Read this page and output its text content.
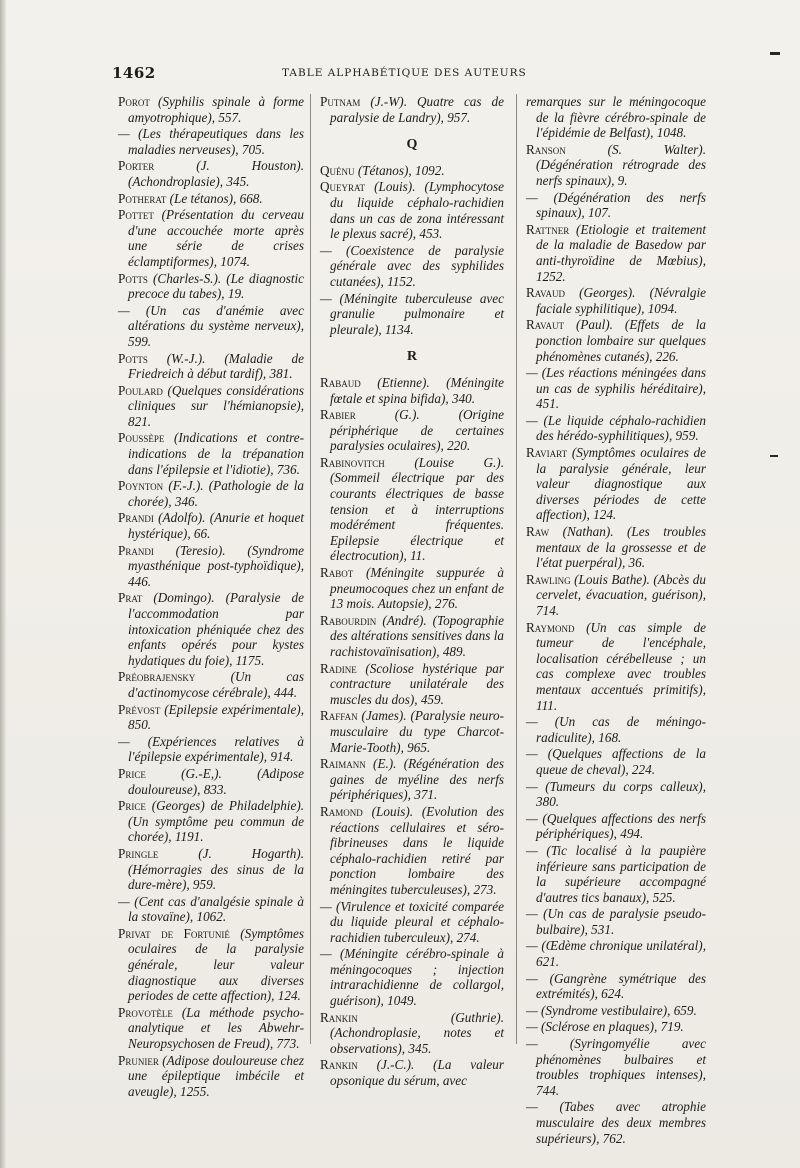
1462	TABLE ALPHABÉTIQUE DES AUTEURS
Porot (Syphilis spinale à forme amyotrophique), 557.
— (Les thérapeutiques dans les maladies nerveuses), 705.
Porter	(J. Houston). (Achondroplasie), 345.
Potherat (Le tétanos), 668.
Pottet (Présentation du cerveau d'une accouchée morte après une série de crises éclamptiformes), 1074.
Potts (Charles-S.). (Le diagnostic precoce du tabes), 19.
— (Un cas d'anémie avec altérations du système nerveux), 599.
Potts (W.-J.). (Maladie de Friedreich à début tardif), 381.
Poulard (Quelques considérations cliniques sur l'hémianopsie), 821.
Poussèpe (Indications et contre-indications de la trépanation dans l'épilepsie et l'idiotie), 736.
Poynton (F.-J.). (Pathologie de la chorée), 346.
Prandi (Adolfo). (Anurie et hoquet hystérique), 66.
Prandi (Teresio). (Syndrome myasthénique post-typhoïdique), 446.
Prat (Domingo). (Paralysie de l'accommodation par intoxication phéniquée chez des enfants opérés pour kystes hydatiques du foie), 1175.
Préobrajensky	(Un cas d'actinomycose cérébrale), 444.
Prévost (Epilepsie expérimentale), 850.
— (Expériences relatives à l'épilepsie expérimentale), 914.
Price	(G.-E,). (Adipose douloureuse), 833.
Price (Georges) de Philadelphie). (Un symptôme peu commun de chorée), 1191.
Pringle	(J. Hogarth). (Hémorragies des sinus de la dure-mère), 959.
— (Cent cas d'analgésie spinale à la stovaïne), 1062.
Privat de Fortunié (Symptômes oculaires de la paralysie générale, leur valeur diagnostique aux diverses periodes de cette affection), 124.
Provotèle (La méthode psycho-analytique et les Abwehr-Neuropsychosen de Freud), 773.
Prunier (Adipose douloureuse chez une épileptique imbécile et aveugle), 1255.
Putnam (J.-W). Quatre cas de paralysie de Landry), 957.
Q
Quénu (Tétanos), 1092.
Queyrat (Louis). (Lymphocytose du liquide céphalo-rachidien dans un cas de zona intéressant le plexus sacré), 453.
— (Coexistence de paralysie générale avec des syphilides cutanées), 1152.
— (Méningite tuberculeuse avec granulie pulmonaire et pleurale), 1134.
R
Rabaud (Etienne). (Méningite fœtale et spina bifida), 340.
Rabier	(G.). (Origine périphérique de certaines paralysies oculaires), 220.
Rabinovitch (Louise G.). (Sommeil électrique par des courants électriques de basse tension et à interruptions modérément fréquentes. Epilepsie électrique et électrocution), 11.
Rabot (Méningite suppurée à pneumocoques chez un enfant de 13 mois. Autopsie), 276.
Rabourdin (André). (Topographie des altérations sensitives dans la rachistovaïnisation), 489.
Radine (Scoliose hystérique par contracture unilatérale des muscles du dos), 459.
Raffan (James). (Paralysie neuro-musculaire du type Charcot-Marie-Tooth), 965.
Raimann (E.). (Régénération des gaines de myéline des nerfs périphériques), 371.
Ramond (Louis). (Evolution des réactions cellulaires et séro-fibrineuses dans le liquide céphalo-rachidien retiré par ponction lombaire des méningites tuberculeuses), 273.
— (Virulence et toxicité comparée du liquide pleural et céphalo-rachidien tuberculeux), 274.
— (Méningite cérébro-spinale à méningocoques ; injection intrarachidienne de collargol, guérison), 1049.
Rankin	(Guthrie). (Achondroplasie, notes et observations), 345.
Rankin (J.-C.). (La valeur opsonique du sérum, avec
remarques sur le méningocoque de la fièvre cérébro-spinale de l'épidémie de Belfast), 1048.
Ranson	(S. Walter). (Dégénération rétrograde des nerfs spinaux), 9.
— (Dégénération des nerfs spinaux), 107.
Rattner (Etiologie et traitement de la maladie de Basedow par anti-thyroïdine de Mœbius), 1252.
Ravaud (Georges). (Névralgie faciale syphilitique), 1094.
Ravaut (Paul). (Effets de la ponction lombaire sur quelques phénomènes cutanés), 226.
— (Les réactions méningées dans un cas de syphilis héréditaire), 451.
— (Le liquide céphalo-rachidien des hérédo-syphilitiques), 959.
Raviart (Symptômes oculaires de la paralysie générale, leur valeur diagnostique aux diverses périodes de cette affection), 124.
Raw (Nathan). (Les troubles mentaux de la grossesse et de l'état puerpéral), 36.
Rawling (Louis Bathe). (Abcès du cervelet, évacuation, guérison), 714.
Raymond (Un cas simple de tumeur de l'encéphale, localisation cérébelleuse ; un cas complexe avec troubles mentaux accentués primitifs), 111.
— (Un cas de méningo-radiculite), 168.
— (Quelques affections de la queue de cheval), 224.
— (Tumeurs du corps calleux), 380.
— (Quelques affections des nerfs périphériques), 494.
— (Tic localisé à la paupière inférieure sans participation de la supérieure accompagné d'autres tics banaux), 525.
— (Un cas de paralysie pseudo-bulbaire), 531.
— (Œdème chronique unilatéral), 621.
— (Gangrène symétrique des extrémités), 624.
— (Syndrome vestibulaire), 659.
— (Sclérose en plaques), 719.
— (Syringomyélie avec phénomènes bulbaires et troubles trophiques intenses), 744.
— (Tabes avec atrophie musculaire des deux membres supérieurs), 762.
